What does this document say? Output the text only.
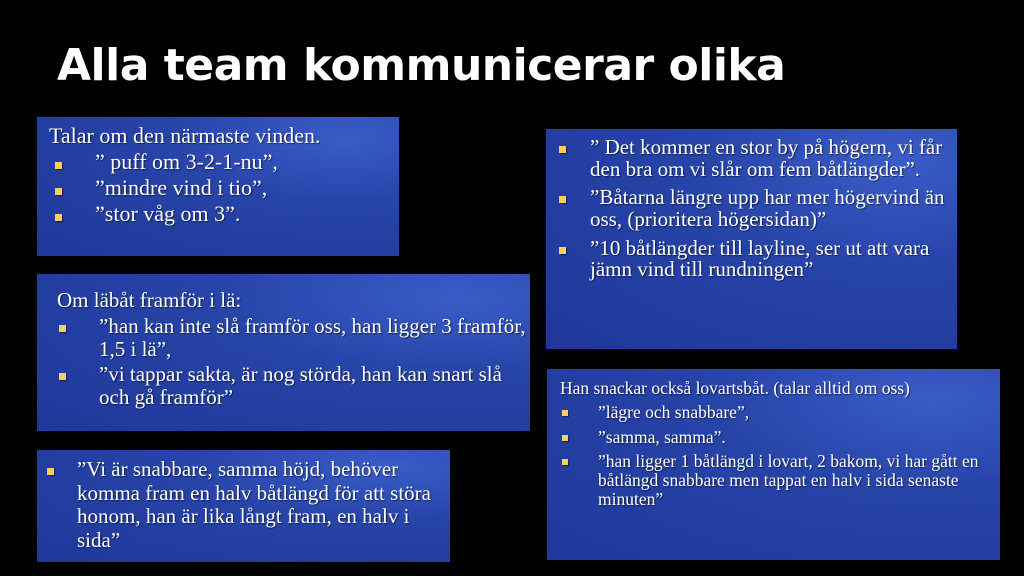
Alla team kommunicerar olika

Talar om den närmaste vinden.

” puff om 3-2-1-nu”,
”mindre vind i tio”,
”stor våg om 3”.

Om läbåt framför i lä:

”han kan inte slå framför oss, han ligger 3 framför, 1,5 i lä”,
”vi tappar sakta, är nog störda, han kan snart slå och gå framför”
”Vi är snabbare, samma höjd, behöver komma fram en halv båtlängd för att störa honom, han är lika långt fram, en halv i sida”
” Det kommer en stor by på högern, vi får den bra om vi slår om fem båtlängder”.
”Båtarna längre upp har mer högervind än oss, (prioritera högersidan)”
”10 båtlängder till layline, ser ut att vara jämn vind till rundningen”

Han snackar också lovartsbåt. (talar alltid om oss)

”lägre och snabbare”,
”samma, samma”.
”han ligger 1 båtlängd i lovart, 2 bakom, vi har gått en båtlängd snabbare men tappat en halv i sida senaste minuten”
